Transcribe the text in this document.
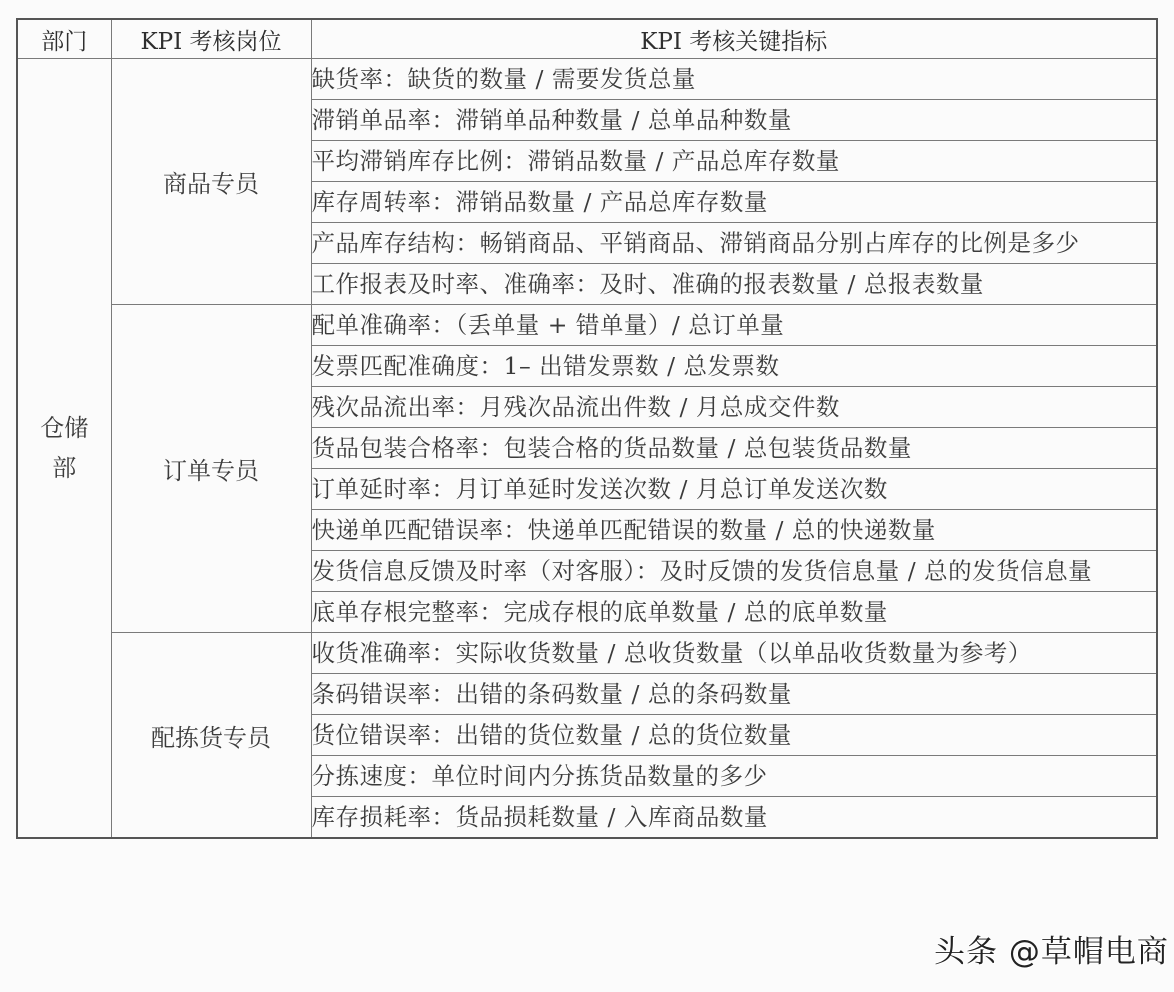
部门	KPI 考核岗位	KPI 考核关键指标
仓储部	商品专员	缺货率：缺货的数量 / 需要发货总量
		滞销单品率：滞销单品种数量 / 总单品种数量
		平均滞销库存比例：滞销品数量 / 产品总库存数量
		库存周转率：滞销品数量 / 产品总库存数量
		产品库存结构：畅销商品、平销商品、滞销商品分别占库存的比例是多少
		工作报表及时率、准确率：及时、准确的报表数量 / 总报表数量
	订单专员	配单准确率：（丢单量 + 错单量）/ 总订单量
		发票匹配准确度：1– 出错发票数 / 总发票数
		残次品流出率：月残次品流出件数 / 月总成交件数
		货品包装合格率：包装合格的货品数量 / 总包装货品数量
		订单延时率：月订单延时发送次数 / 月总订单发送次数
		快递单匹配错误率：快递单匹配错误的数量 / 总的快递数量
		发货信息反馈及时率（对客服）：及时反馈的发货信息量 / 总的发货信息量
		底单存根完整率：完成存根的底单数量 / 总的底单数量
	配拣货专员	收货准确率：实际收货数量 / 总收货数量（以单品收货数量为参考）
		条码错误率：出错的条码数量 / 总的条码数量
		货位错误率：出错的货位数量 / 总的货位数量
		分拣速度：单位时间内分拣货品数量的多少
		库存损耗率：货品损耗数量 / 入库商品数量
头条 @草帽电商
